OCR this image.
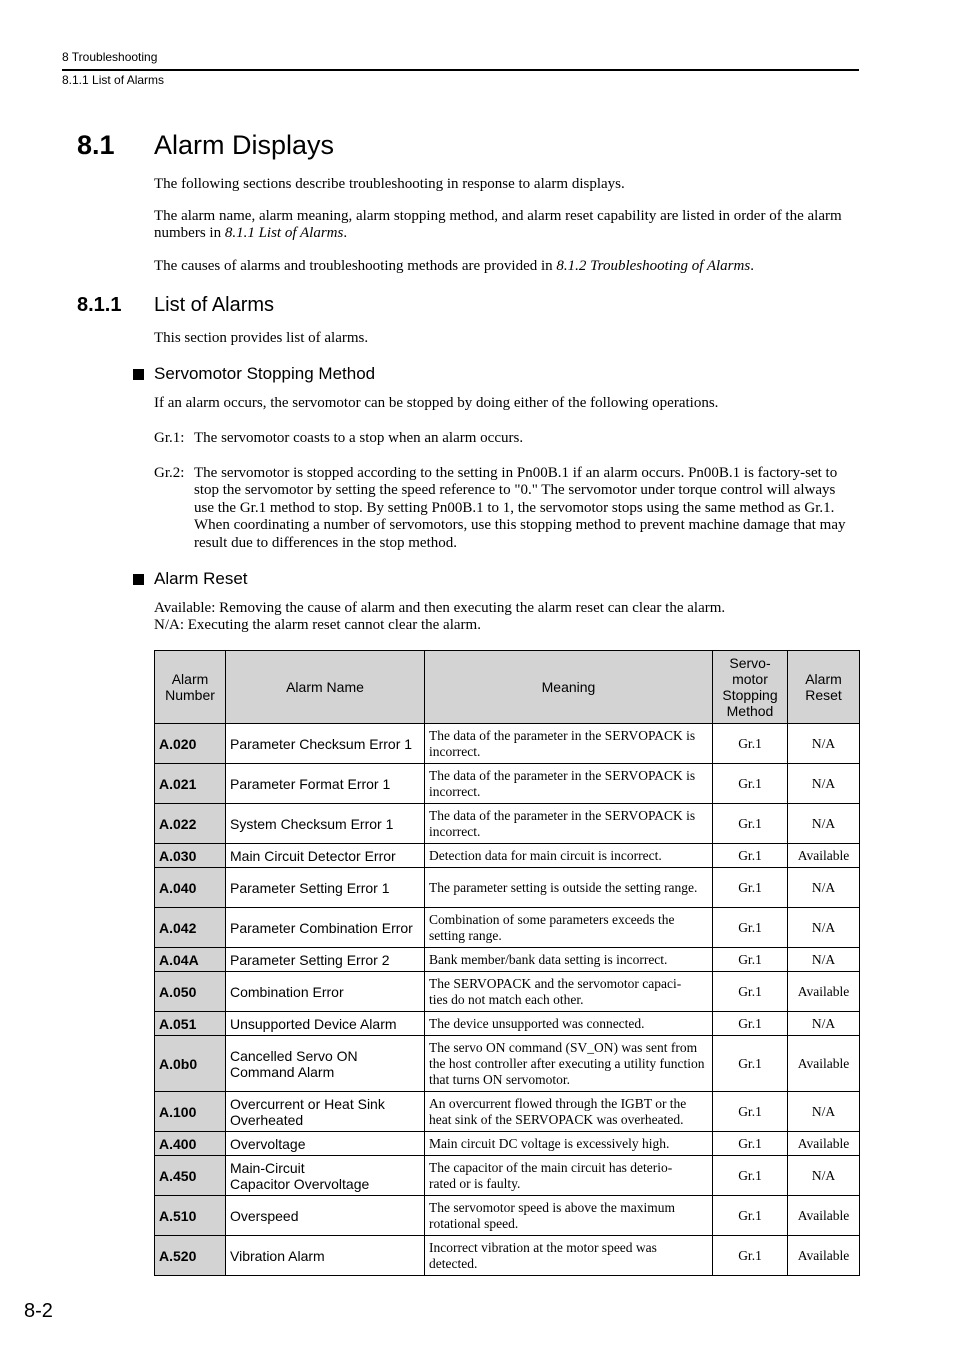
8 Troubleshooting
8.1.1 List of Alarms
8.1	Alarm Displays
The following sections describe troubleshooting in response to alarm displays.
The alarm name, alarm meaning, alarm stopping method, and alarm reset capability are listed in order of the alarm numbers in 8.1.1 List of Alarms.
The causes of alarms and troubleshooting methods are provided in 8.1.2 Troubleshooting of Alarms.
8.1.1	List of Alarms
This section provides list of alarms.
Servomotor Stopping Method
If an alarm occurs, the servomotor can be stopped by doing either of the following operations.
Gr.1: The servomotor coasts to a stop when an alarm occurs.
Gr.2: The servomotor is stopped according to the setting in Pn00B.1 if an alarm occurs. Pn00B.1 is factory-set to stop the servomotor by setting the speed reference to "0." The servomotor under torque control will always use the Gr.1 method to stop. By setting Pn00B.1 to 1, the servomotor stops using the same method as Gr.1. When coordinating a number of servomotors, use this stopping method to prevent machine damage that may result due to differences in the stop method.
Alarm Reset
Available: Removing the cause of alarm and then executing the alarm reset can clear the alarm.
N/A: Executing the alarm reset cannot clear the alarm.
Alarm
Number	Alarm Name	Meaning	Servo-
motor
Stopping
Method	Alarm
Reset
A.020	Parameter Checksum Error 1	The data of the parameter in the SERVOPACK is incorrect.	Gr.1	N/A
A.021	Parameter Format Error 1	The data of the parameter in the SERVOPACK is incorrect.	Gr.1	N/A
A.022	System Checksum Error 1	The data of the parameter in the SERVOPACK is incorrect.	Gr.1	N/A
A.030	Main Circuit Detector Error	Detection data for main circuit is incorrect.	Gr.1	Available
A.040	Parameter Setting Error 1	The parameter setting is outside the setting range.	Gr.1	N/A
A.042	Parameter Combination Error	Combination of some parameters exceeds the setting range.	Gr.1	N/A
A.04A	Parameter Setting Error 2	Bank member/bank data setting is incorrect.	Gr.1	N/A
A.050	Combination Error	The SERVOPACK and the servomotor capaci-
ties do not match each other.	Gr.1	Available
A.051	Unsupported Device Alarm	The device unsupported was connected.	Gr.1	N/A
A.0b0	Cancelled Servo ON
Command Alarm	The servo ON command (SV_ON) was sent from the host controller after executing a utility function that turns ON servomotor.	Gr.1	Available
A.100	Overcurrent or Heat Sink
Overheated	An overcurrent flowed through the IGBT or the heat sink of the SERVOPACK was overheated.	Gr.1	N/A
A.400	Overvoltage	Main circuit DC voltage is excessively high.	Gr.1	Available
A.450	Main-Circuit
Capacitor Overvoltage	The capacitor of the main circuit has deterio-
rated or is faulty.	Gr.1	N/A
A.510	Overspeed	The servomotor speed is above the maximum rotational speed.	Gr.1	Available
A.520	Vibration Alarm	Incorrect vibration at the motor speed was detected.	Gr.1	Available
8-2
